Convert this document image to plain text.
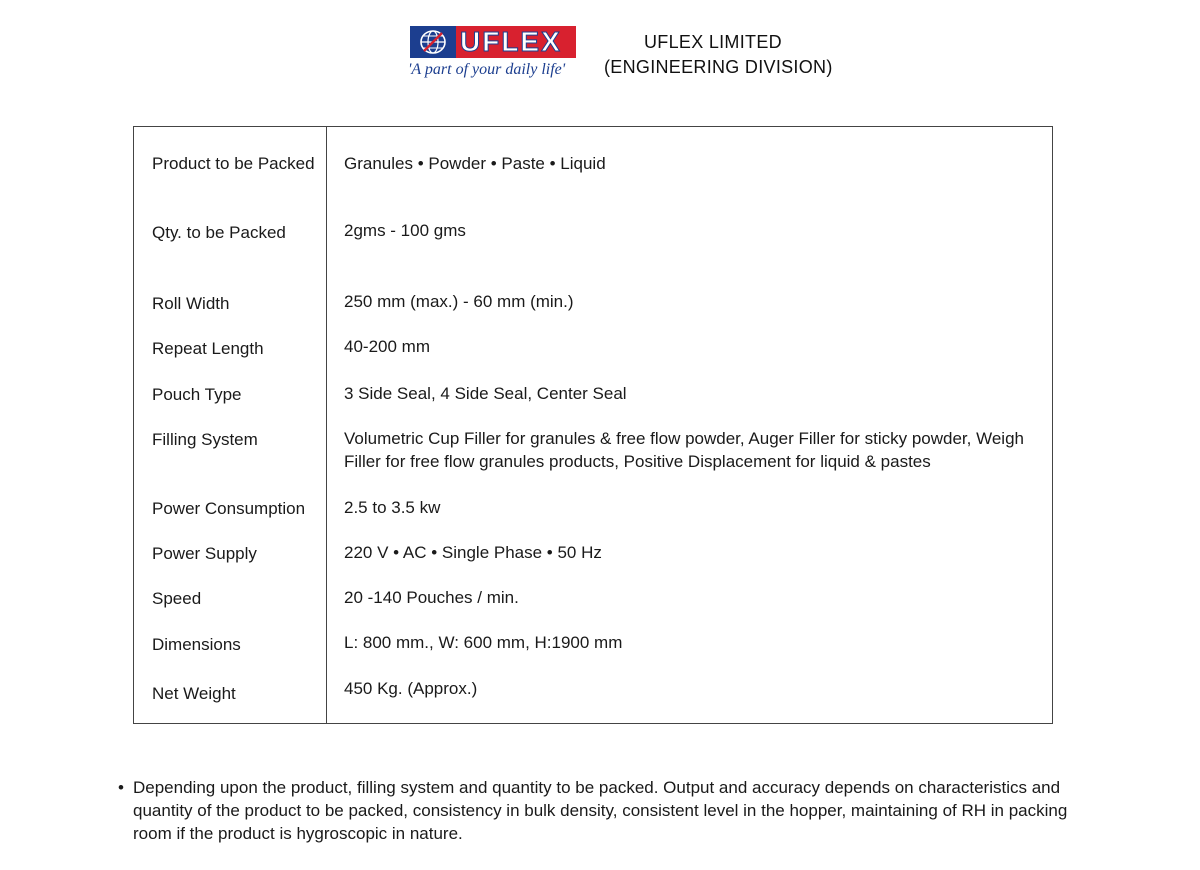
UFLEX
'A part of your daily life'
UFLEX LIMITED
(ENGINEERING DIVISION)
Product to be Packed	Granules • Powder • Paste • Liquid
Qty. to be Packed	2gms - 100 gms
Roll Width	250 mm (max.) - 60 mm (min.)
Repeat Length	40-200 mm
Pouch Type	3 Side Seal, 4 Side Seal, Center Seal
Filling System	Volumetric Cup Filler for granules & free flow powder, Auger Filler for sticky powder, Weigh Filler for free flow granules products, Positive Displacement for liquid & pastes
Power Consumption	2.5 to 3.5 kw
Power Supply	220 V • AC • Single Phase • 50 Hz
Speed	20 -140 Pouches / min.
Dimensions	L: 800 mm., W: 600 mm, H:1900 mm
Net Weight	450 Kg. (Approx.)
• Depending upon the product, filling system and quantity to be packed. Output and accuracy depends on characteristics and quantity of the product to be packed, consistency in bulk density, consistent level in the hopper, maintaining of RH in packing room if the product is hygroscopic in nature.
